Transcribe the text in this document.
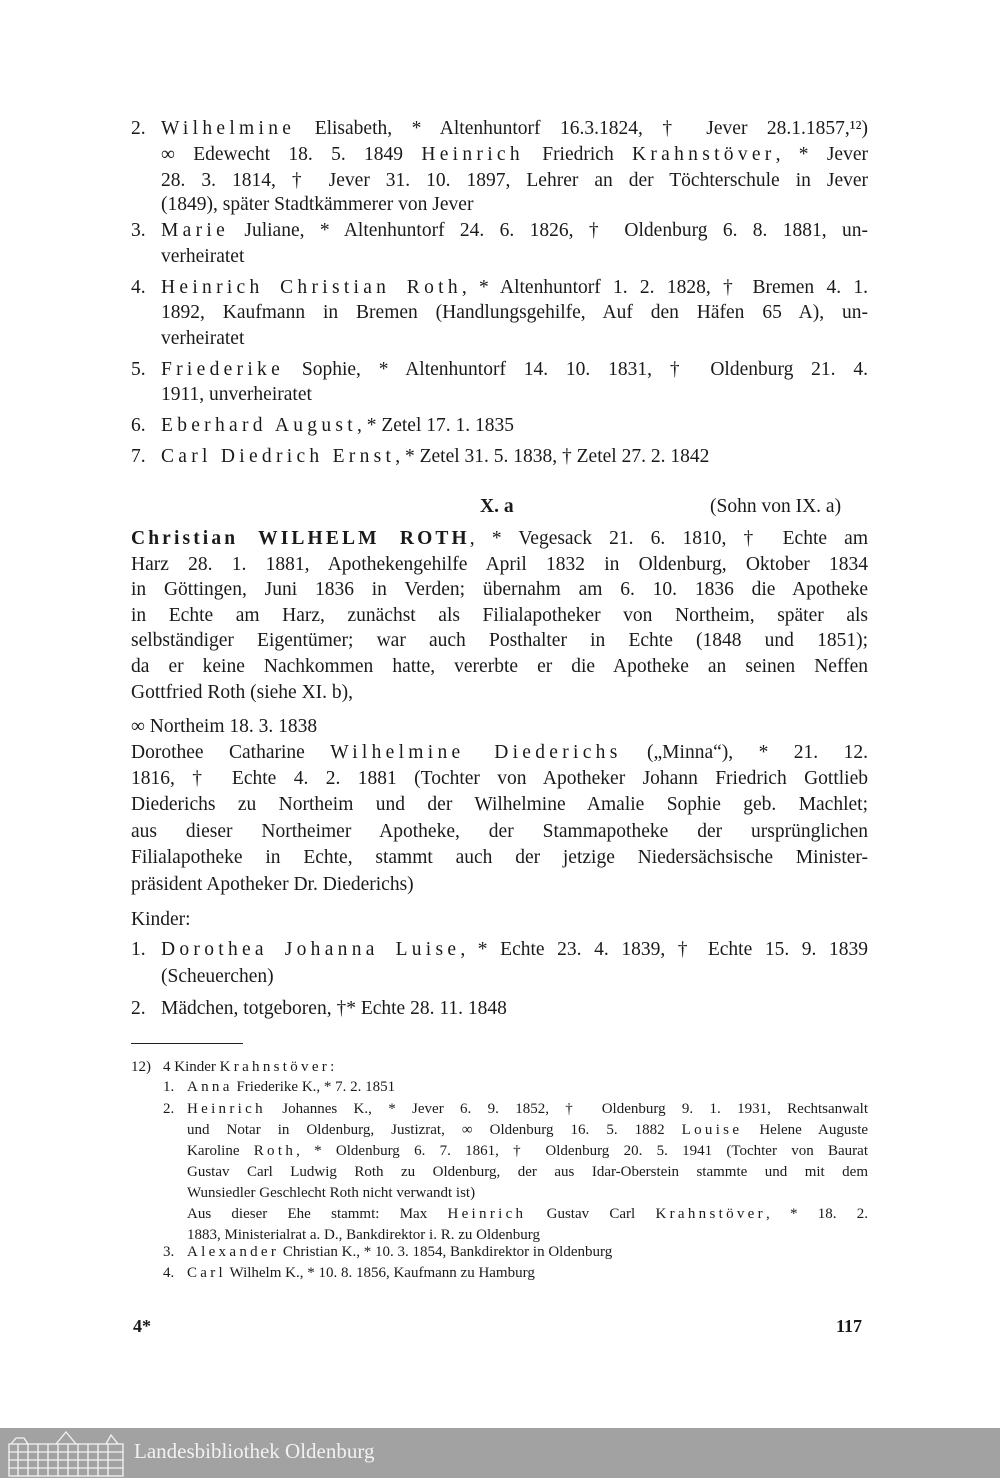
2. Wilhelmine Elisabeth, * Altenhuntorf 16.3.1824, † Jever 28.1.1857,¹²)
∞ Edewecht 18. 5. 1849 Heinrich Friedrich Krahnstöver, * Jever
28. 3. 1814, † Jever 31. 10. 1897, Lehrer an der Töchterschule in Jever
(1849), später Stadtkämmerer von Jever
3. Marie Juliane, * Altenhuntorf 24. 6. 1826, † Oldenburg 6. 8. 1881, un-
verheiratet
4. Heinrich Christian Roth, * Altenhuntorf 1. 2. 1828, † Bremen 4. 1.
1892, Kaufmann in Bremen (Handlungsgehilfe, Auf den Häfen 65 A), un-
verheiratet
5. Friederike Sophie, * Altenhuntorf 14. 10. 1831, † Oldenburg 21. 4.
1911, unverheiratet
6. Eberhard August, * Zetel 17. 1. 1835
7. Carl Diedrich Ernst, * Zetel 31. 5. 1838, † Zetel 27. 2. 1842
Christian WILHELM ROTH, * Vegesack 21. 6. 1810, † Echte am
Harz 28. 1. 1881, Apothekengehilfe April 1832 in Oldenburg, Oktober 1834
in Göttingen, Juni 1836 in Verden; übernahm am 6. 10. 1836 die Apotheke
in Echte am Harz, zunächst als Filialapotheker von Northeim, später als
selbständiger Eigentümer; war auch Posthalter in Echte (1848 und 1851);
da er keine Nachkommen hatte, vererbte er die Apotheke an seinen Neffen
Gottfried Roth (siehe XI. b),
∞ Northeim 18. 3. 1838
Dorothee Catharine Wilhelmine Diederichs („Minna“), * 21. 12.
1816, † Echte 4. 2. 1881 (Tochter von Apotheker Johann Friedrich Gottlieb
Diederichs zu Northeim und der Wilhelmine Amalie Sophie geb. Machlet;
aus dieser Northeimer Apotheke, der Stammapotheke der ursprünglichen
Filialapotheke in Echte, stammt auch der jetzige Niedersächsische Minister-
präsident Apotheker Dr. Diederichs)
Kinder:
1. Dorothea Johanna Luise, * Echte 23. 4. 1839, † Echte 15. 9. 1839
(Scheuerchen)
2. Mädchen, totgeboren, †* Echte 28. 11. 1848
X. a	(Sohn von IX. a)
12) 4 Kinder Krahnstöver:
1. Anna Friederike K., * 7. 2. 1851
2. Heinrich Johannes K., * Jever 6. 9. 1852, † Oldenburg 9. 1. 1931, Rechtsanwalt
und Notar in Oldenburg, Justizrat, ∞ Oldenburg 16. 5. 1882 Louise Helene Auguste
Karoline Roth, * Oldenburg 6. 7. 1861, † Oldenburg 20. 5. 1941 (Tochter von Baurat
Gustav Carl Ludwig Roth zu Oldenburg, der aus Idar-Oberstein stammte und mit dem
Wunsiedler Geschlecht Roth nicht verwandt ist)
Aus dieser Ehe stammt: Max Heinrich Gustav Carl Krahnstöver, * 18. 2.
1883, Ministerialrat a. D., Bankdirektor i. R. zu Oldenburg
3. Alexander Christian K., * 10. 3. 1854, Bankdirektor in Oldenburg
4. Carl Wilhelm K., * 10. 8. 1856, Kaufmann zu Hamburg
4*	117
Landesbibliothek Oldenburg
